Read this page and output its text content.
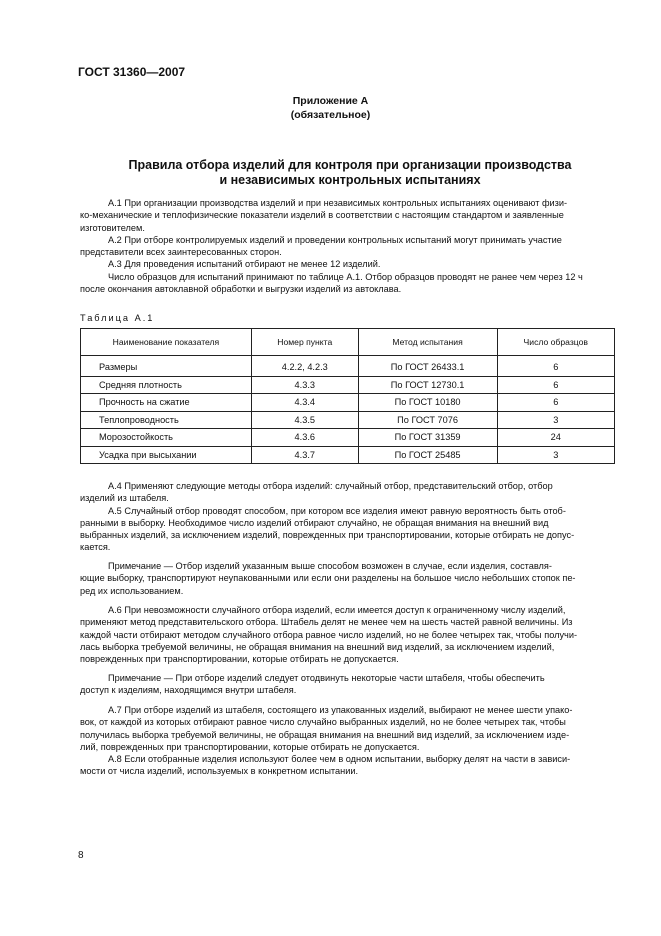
ГОСТ 31360—2007
Приложение А
(обязательное)
Правила отбора изделий для контроля при организации производства
и независимых контрольных испытаниях
А.1 При организации производства изделий и при независимых контрольных испытаниях оценивают физи-
ко-механические и теплофизические показатели изделий в соответствии с настоящим стандартом и заявленные
изготовителем.
А.2 При отборе контролируемых изделий и проведении контрольных испытаний могут принимать участие
представители всех заинтересованных сторон.
А.3 Для проведения испытаний отбирают не менее 12 изделий.
Число образцов для испытаний принимают по таблице А.1. Отбор образцов проводят не ранее чем через 12 ч
после окончания автоклавной обработки и выгрузки изделий из автоклава.
Таблица А.1
Наименование показателя	Номер пункта	Метод испытания	Число образцов
Размеры	4.2.2, 4.2.3	По ГОСТ 26433.1	6
Средняя плотность	4.3.3	По ГОСТ 12730.1	6
Прочность на сжатие	4.3.4	По ГОСТ 10180	6
Теплопроводность	4.3.5	По ГОСТ 7076	3
Морозостойкость	4.3.6	По ГОСТ 31359	24
Усадка при высыхании	4.3.7	По ГОСТ 25485	3
А.4 Применяют следующие методы отбора изделий: случайный отбор, представительский отбор, отбор
изделий из штабеля.
А.5 Случайный отбор проводят способом, при котором все изделия имеют равную вероятность быть отоб-
ранными в выборку. Необходимое число изделий отбирают случайно, не обращая внимания на внешний вид
выбранных изделий, за исключением изделий, поврежденных при транспортировании, которые отбирать не допус-
кается.
Примечание — Отбор изделий указанным выше способом возможен в случае, если изделия, составля-
ющие выборку, транспортируют неупакованными или если они разделены на большое число небольших стопок пе-
ред их использованием.
А.6 При невозможности случайного отбора изделий, если имеется доступ к ограниченному числу изделий,
применяют метод представительского отбора. Штабель делят не менее чем на шесть частей равной величины. Из
каждой части отбирают методом случайного отбора равное число изделий, но не более четырех так, чтобы получи-
лась выборка требуемой величины, не обращая внимания на внешний вид изделий, за исключением изделий,
поврежденных при транспортировании, которые отбирать не допускается.
Примечание — При отборе изделий следует отодвинуть некоторые части штабеля, чтобы обеспечить
доступ к изделиям, находящимся внутри штабеля.
А.7 При отборе изделий из штабеля, состоящего из упакованных изделий, выбирают не менее шести упако-
вок, от каждой из которых отбирают равное число случайно выбранных изделий, но не более четырех так, чтобы
получилась выборка требуемой величины, не обращая внимания на внешний вид изделий, за исключением изде-
лий, поврежденных при транспортировании, которые отбирать не допускается.
А.8 Если отобранные изделия используют более чем в одном испытании, выборку делят на части в зависи-
мости от числа изделий, используемых в конкретном испытании.
8
